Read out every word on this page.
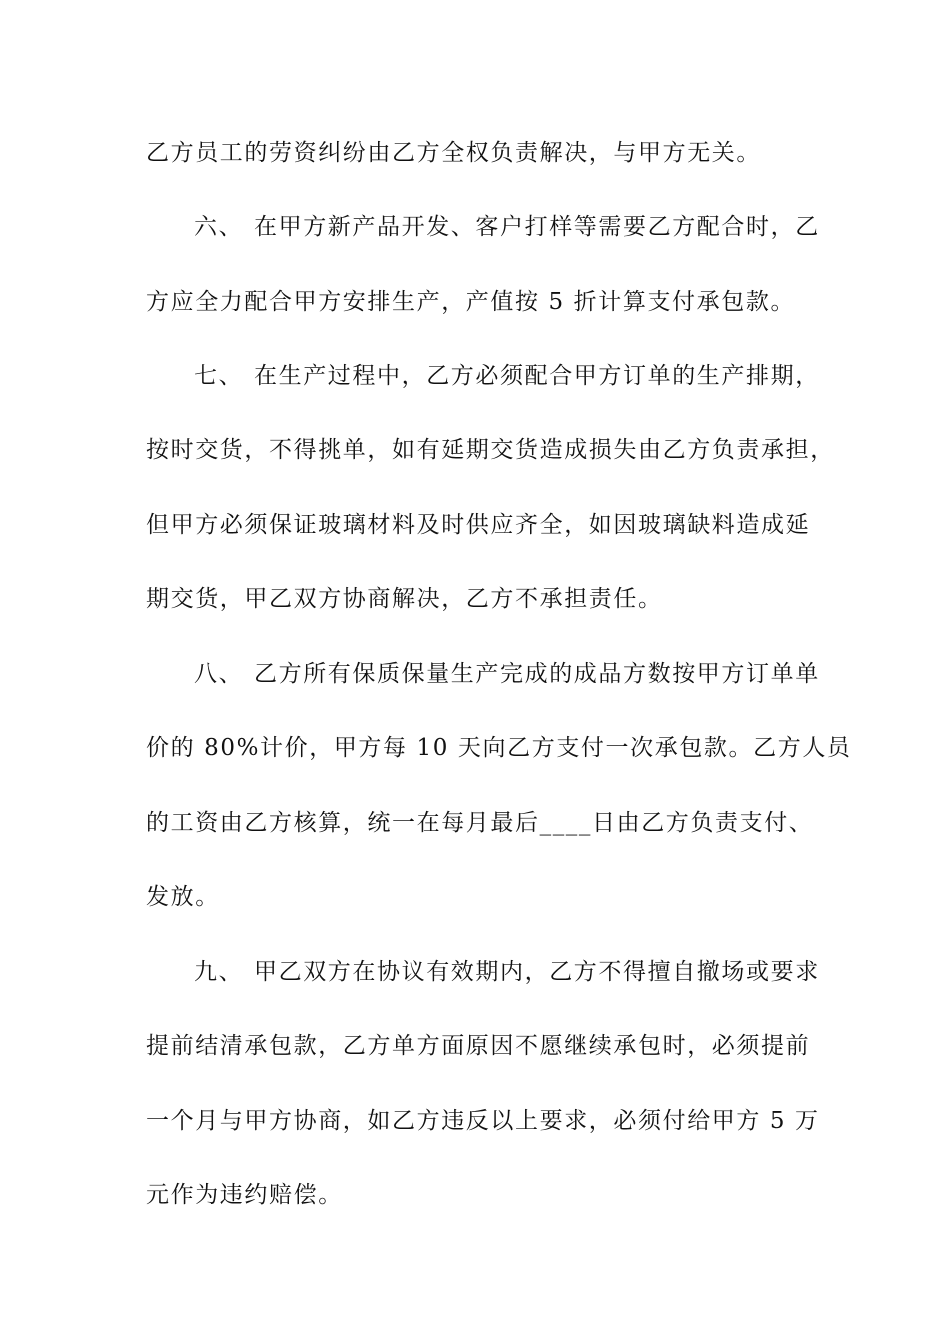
乙方员工的劳资纠纷由乙方全权负责解决，与甲方无关。
六、 在甲方新产品开发、客户打样等需要乙方配合时，乙
方应全力配合甲方安排生产，产值按 5 折计算支付承包款。
七、 在生产过程中，乙方必须配合甲方订单的生产排期，
按时交货，不得挑单，如有延期交货造成损失由乙方负责承担，
但甲方必须保证玻璃材料及时供应齐全，如因玻璃缺料造成延
期交货，甲乙双方协商解决，乙方不承担责任。
八、 乙方所有保质保量生产完成的成品方数按甲方订单单
价的 80%计价，甲方每 10 天向乙方支付一次承包款。乙方人员
的工资由乙方核算，统一在每月最后____日由乙方负责支付、
发放。
九、 甲乙双方在协议有效期内，乙方不得擅自撤场或要求
提前结清承包款，乙方单方面原因不愿继续承包时，必须提前
一个月与甲方协商，如乙方违反以上要求，必须付给甲方 5 万
元作为违约赔偿。
